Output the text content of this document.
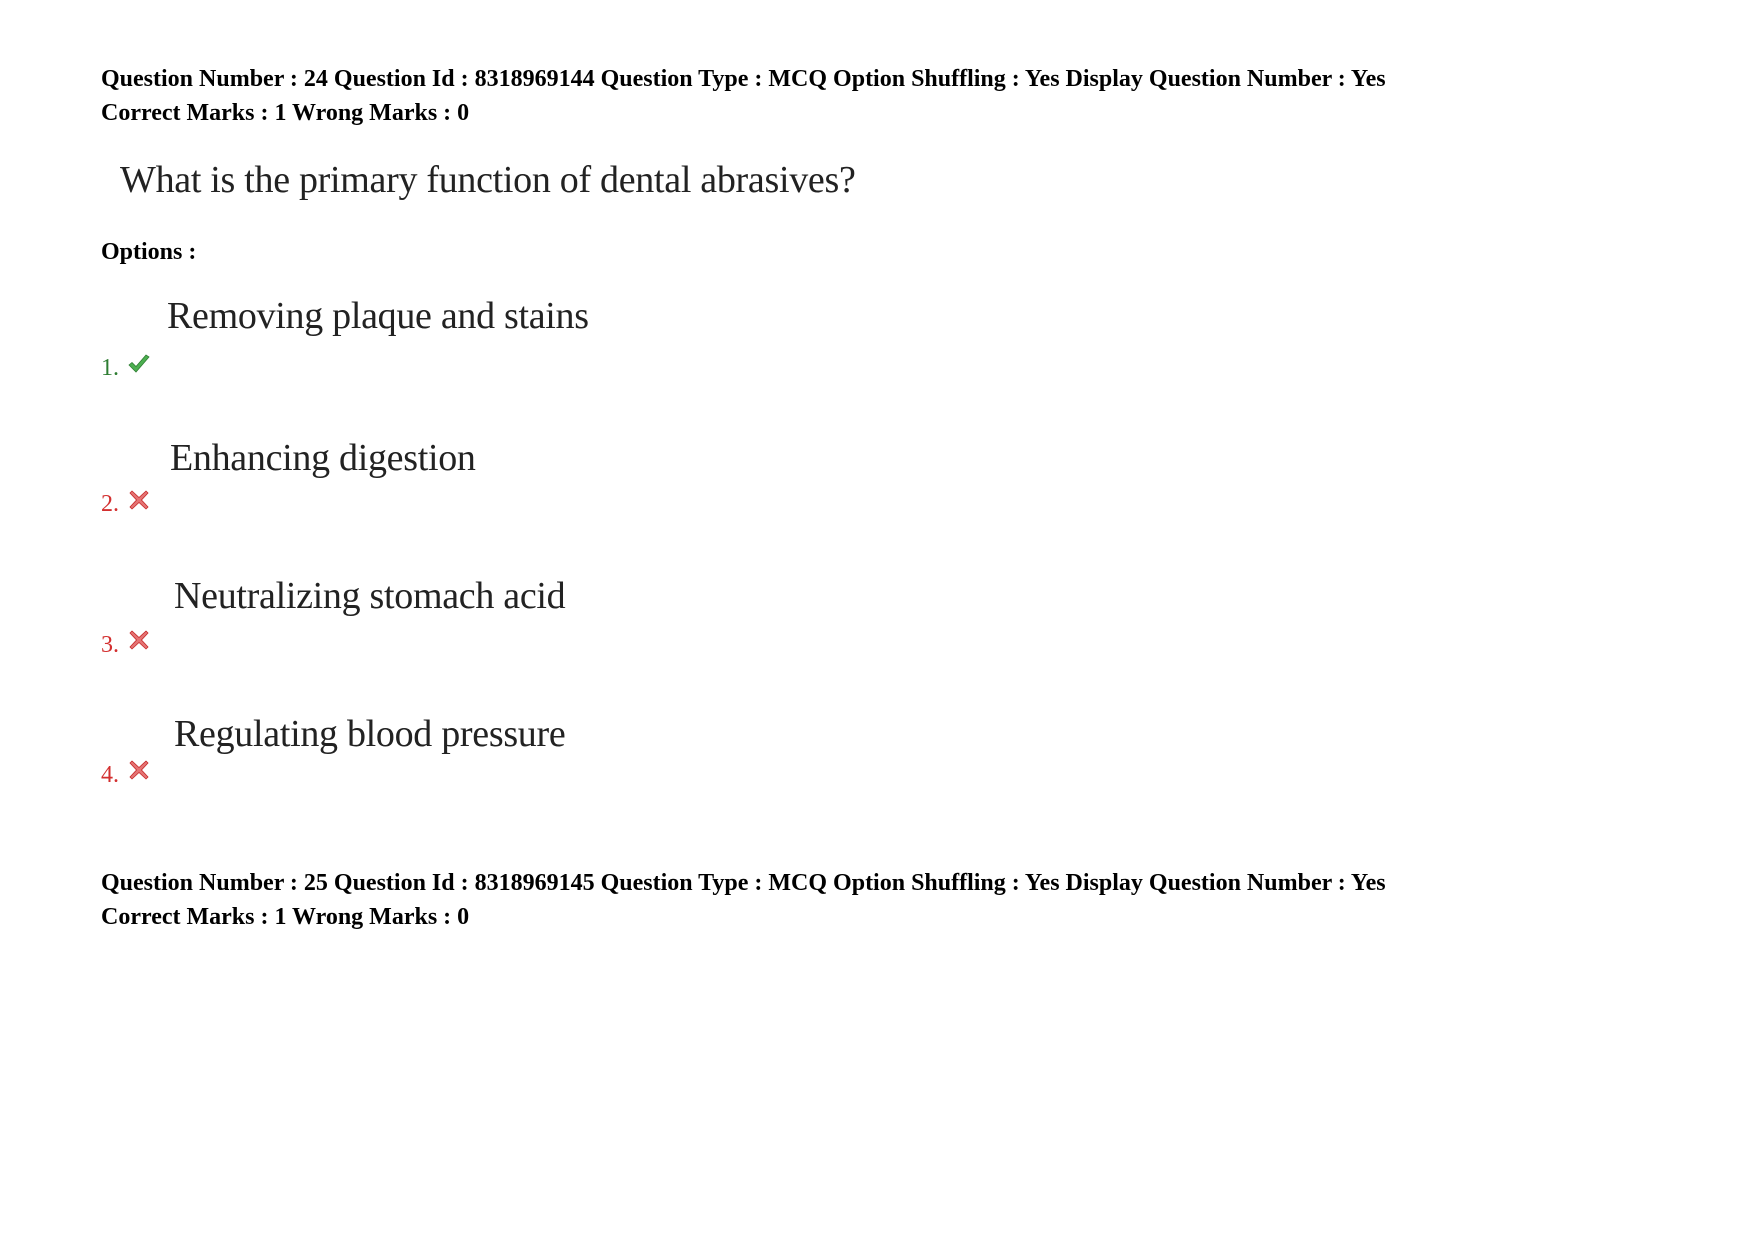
Question Number : 24 Question Id : 8318969144 Question Type : MCQ Option Shuffling : Yes Display Question Number : Yes
Correct Marks : 1 Wrong Marks : 0
What is the primary function of dental abrasives?
Options :
Removing plaque and stains
1.
Enhancing digestion
2.
Neutralizing stomach acid
3.
Regulating blood pressure
4.
Question Number : 25 Question Id : 8318969145 Question Type : MCQ Option Shuffling : Yes Display Question Number : Yes
Correct Marks : 1 Wrong Marks : 0
